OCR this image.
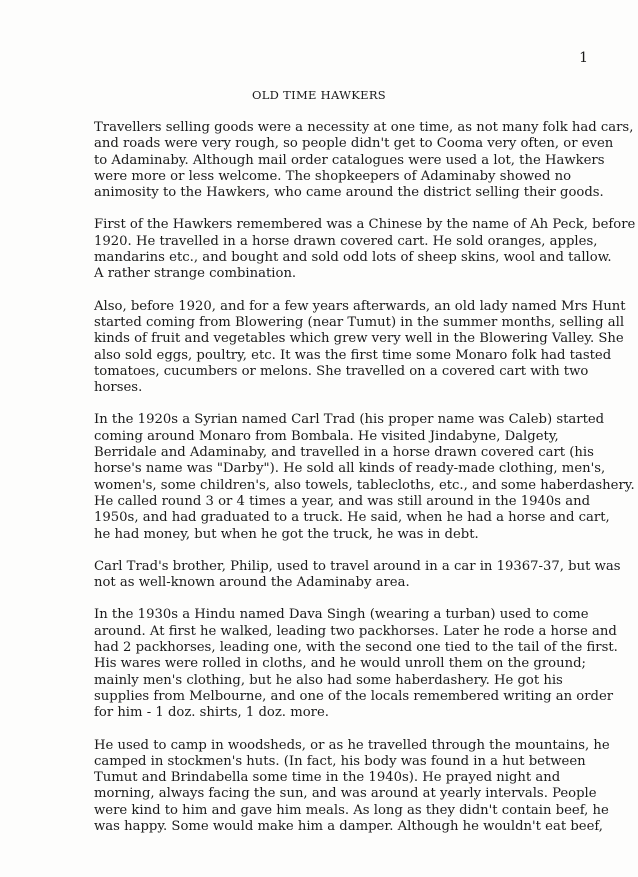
1
OLD TIME HAWKERS

Travellers selling goods were a necessity at one time, as not many folk had cars,
and roads were very rough, so people didn't get to Cooma very often, or even
to Adaminaby. Although mail order catalogues were used a lot, the Hawkers
were more or less welcome. The shopkeepers of Adaminaby showed no
animosity to the Hawkers, who came around the district selling their goods.

First of the Hawkers remembered was a Chinese by the name of Ah Peck, before
1920. He travelled in a horse drawn covered cart. He sold oranges, apples,
mandarins etc., and bought and sold odd lots of sheep skins, wool and tallow.
A rather strange combination.

Also, before 1920, and for a few years afterwards, an old lady named Mrs Hunt
started coming from Blowering (near Tumut) in the summer months, selling all
kinds of fruit and vegetables which grew very well in the Blowering Valley. She
also sold eggs, poultry, etc. It was the first time some Monaro folk had tasted
tomatoes, cucumbers or melons. She travelled on a covered cart with two
horses.

In the 1920s a Syrian named Carl Trad (his proper name was Caleb) started
coming around Monaro from Bombala. He visited Jindabyne, Dalgety,
Berridale and Adaminaby, and travelled in a horse drawn covered cart (his
horse's name was "Darby"). He sold all kinds of ready-made clothing, men's,
women's, some children's, also towels, tablecloths, etc., and some haberdashery.
He called round 3 or 4 times a year, and was still around in the 1940s and
1950s, and had graduated to a truck. He said, when he had a horse and cart,
he had money, but when he got the truck, he was in debt.

Carl Trad's brother, Philip, used to travel around in a car in 19367-37, but was
not as well-known around the Adaminaby area.

In the 1930s a Hindu named Dava Singh (wearing a turban) used to come
around. At first he walked, leading two packhorses. Later he rode a horse and
had 2 packhorses, leading one, with the second one tied to the tail of the first.
His wares were rolled in cloths, and he would unroll them on the ground;
mainly men's clothing, but he also had some haberdashery. He got his
supplies from Melbourne, and one of the locals remembered writing an order
for him - 1 doz. shirts, 1 doz. more.

He used to camp in woodsheds, or as he travelled through the mountains, he
camped in stockmen's huts. (In fact, his body was found in a hut between
Tumut and Brindabella some time in the 1940s). He prayed night and
morning, always facing the sun, and was around at yearly intervals. People
were kind to him and gave him meals. As long as they didn't contain beef, he
was happy. Some would make him a damper. Although he wouldn't eat beef,
